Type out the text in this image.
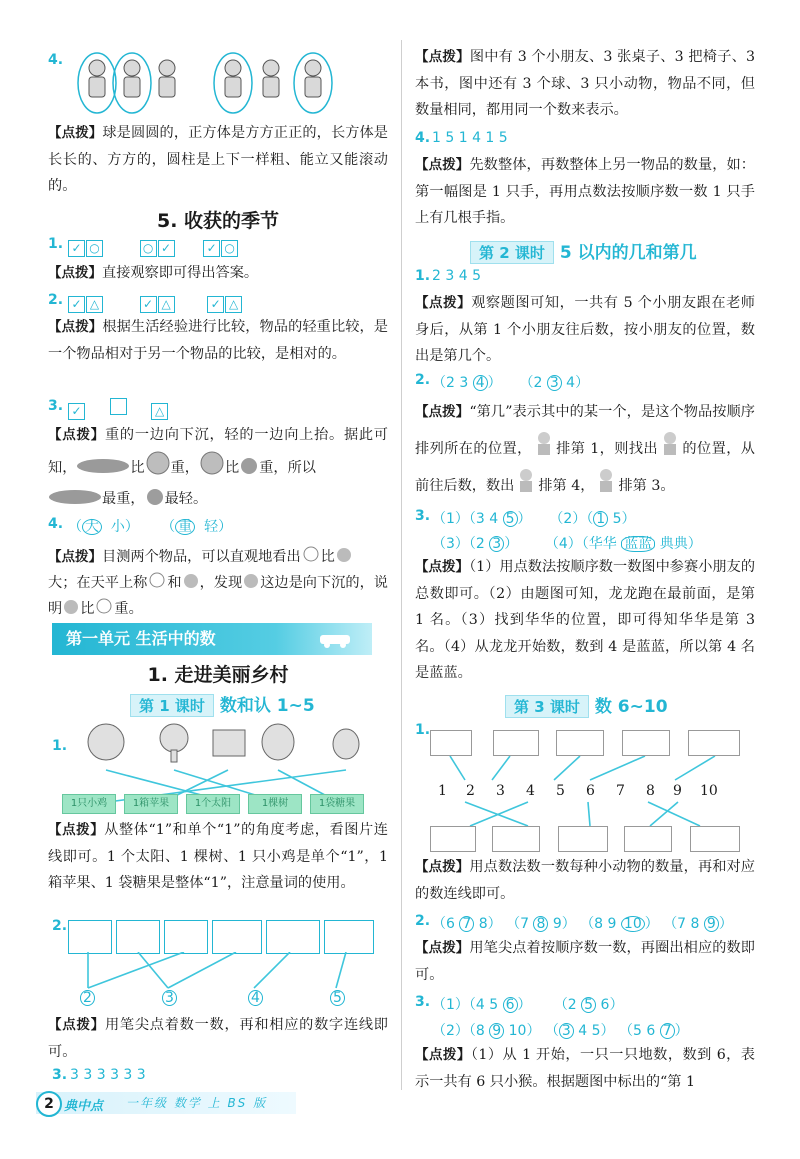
4.
【点拨】球是圆圆的，正方体是方方正正的，长方体是长长的、方方的，圆柱是上下一样粗、能立又能滚动的。
5. 收获的季节
1. ✓ ○	○ ✓	✓ ○
【点拨】直接观察即可得出答案。
2. ✓ △	✓ △	✓ △
【点拨】根据生活经验进行比较，物品的轻重比较，是一个物品相对于另一个物品的比较，是相对的。
3. ✓	△
【点拨】重的一边向下沉，轻的一边向上抬。据此可知，	比 重， 比 重，所以
最重， 最轻。
4. （ 大 小）     （ 重 轻）
【点拨】目测两个物品，可以直观地看出 比
大；在天平上称 和 ，发现 这边是向下沉的，说明 比 重。
第一单元 生活中的数
1. 走进美丽乡村
第 1 课时 数和认 1~5
1.
1只小鸡	1箱苹果	1个太阳	1棵树	1袋糖果
【点拨】从整体“1”和单个“1”的角度考虑，看图片连线即可。1 个太阳、1 棵树、1 只小鸡是单个“1”，1 箱苹果、1 袋糖果是整体“1”，注意量词的使用。
2.
2	3	4	5
【点拨】用笔尖点着数一数，再和相应的数字连线即可。
3. 3 3 3 3 3 3
2 典中点 一年级 数学 上 BS 版
【点拨】图中有 3 个小朋友、3 张桌子、3 把椅子、3 本书，图中还有 3 个球、3 只小动物，物品不同，但数量相同，都用同一个数来表示。
4. 1 5 1 4 1 5
【点拨】先数整体，再数整体上另一物品的数量，如：第一幅图是 1 只手，再用点数法按顺序数一数 1 只手上有几根手指。
第 2 课时 5 以内的几和第几
1. 2 3 4 5
【点拨】观察题图可知，一共有 5 个小朋友跟在老师身后，从第 1 个小朋友往后数，按小朋友的位置，数出是第几个。
2. （2 3 4 ） （2 3 4）
【点拨】“第几”表示其中的某一个，是这个物品按顺序排列所在的位置， 排第 1，则找出 的位置，从前往后数，数出 排第 4， 排第 3。
3. （1）（3 4 5 ） （2）（ 1 5）
（3）（2 3 ） （4）（华华 蓝蓝 典典）
【点拨】（1）用点数法按顺序数一数图中参赛小朋友的总数即可。（2）由题图可知，龙龙跑在最前面，是第 1 名。（3）找到华华的位置，即可得知华华是第 3 名。（4）从龙龙开始数，数到 4 是蓝蓝，所以第 4 名是蓝蓝。
第 3 课时 数 6~10
1.
1 2 3 4 5 6 7 8 9 10
【点拨】用点数法数一数每种小动物的数量，再和对应的数连线即可。
2. （6 7 8） （7 8 9） （8 9 10 ） （7 8 9 ）
【点拨】用笔尖点着按顺序数一数，再圈出相应的数即可。
3. （1）（4 5 6 ） （2 5 6）
（2）（8 9 10） （ 3 4 5） （5 6 7 ）
【点拨】（1）从 1 开始，一只一只地数，数到 6，表示一共有 6 只小猴。根据题图中标出的“第 1
